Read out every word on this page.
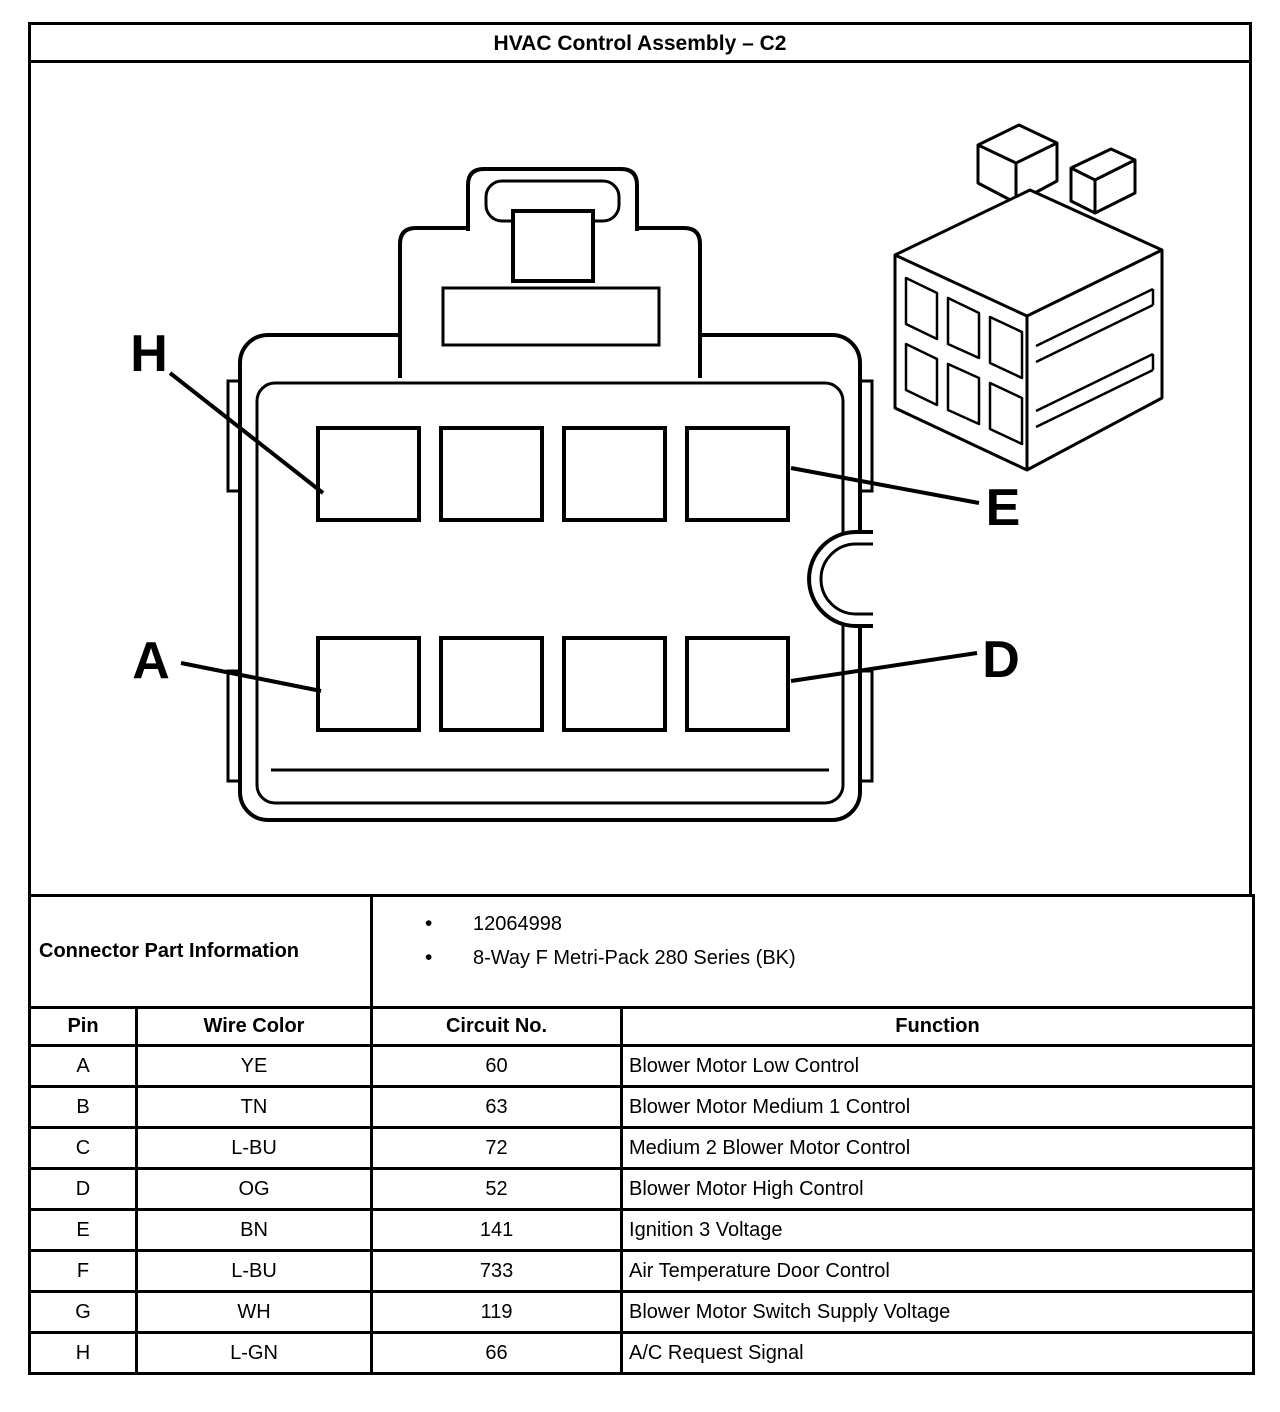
HVAC Control Assembly – C2
H
A
E
D
Connector Part Information	
• 12064998
• 8-Way F Metri-Pack 280 Series (BK)

Pin	Wire Color	Circuit No.	Function
A	YE	60	Blower Motor Low Control
B	TN	63	Blower Motor Medium 1 Control
C	L-BU	72	Medium 2 Blower Motor Control
D	OG	52	Blower Motor High Control
E	BN	141	Ignition 3 Voltage
F	L-BU	733	Air Temperature Door Control
G	WH	119	Blower Motor Switch Supply Voltage
H	L-GN	66	A/C Request Signal
